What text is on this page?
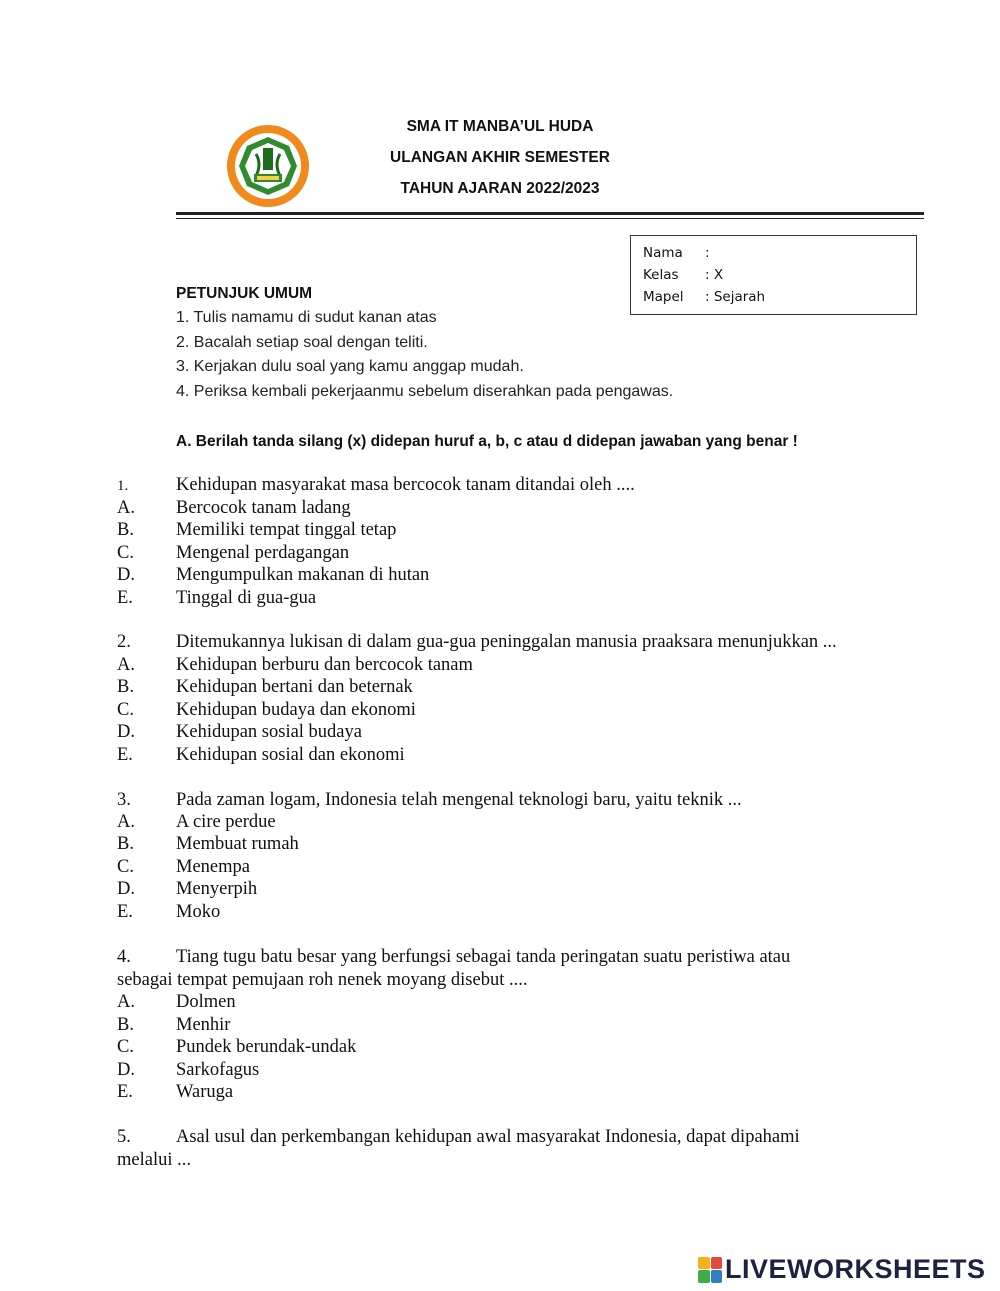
SMA IT MANBA’UL HUDA
ULANGAN AKHIR SEMESTER
TAHUN AJARAN 2022/2023
Nama	:
Kelas	: X
Mapel	: Sejarah
PETUNJUK UMUM
1. Tulis namamu di sudut kanan atas
2. Bacalah setiap soal dengan teliti.
3. Kerjakan dulu soal yang kamu anggap mudah.
4. Periksa kembali pekerjaanmu sebelum diserahkan pada pengawas.
A. Berilah tanda silang (x) didepan huruf a, b, c atau d didepan jawaban yang benar !
1.	Kehidupan masyarakat masa bercocok tanam ditandai oleh ....
A. Bercocok tanam ladang
B. Memiliki tempat tinggal tetap
C. Mengenal perdagangan
D. Mengumpulkan makanan di hutan
E. Tinggal di gua-gua
2. Ditemukannya lukisan di dalam gua-gua peninggalan manusia praaksara menunjukkan ...
A. Kehidupan berburu dan bercocok tanam
B. Kehidupan bertani dan beternak
C. Kehidupan budaya dan ekonomi
D. Kehidupan sosial budaya
E. Kehidupan sosial dan ekonomi
3. Pada zaman logam, Indonesia telah mengenal teknologi baru, yaitu teknik ...
A. A cire perdue
B. Membuat rumah
C. Menempa
D. Menyerpih
E. Moko
4. Tiang tugu batu besar yang berfungsi sebagai tanda peringatan suatu peristiwa atau
sebagai tempat pemujaan roh nenek moyang disebut ....
A. Dolmen
B. Menhir
C. Pundek berundak-undak
D. Sarkofagus
E. Waruga
5. Asal usul dan perkembangan kehidupan awal masyarakat Indonesia, dapat dipahami
melalui ...
LIVEWORKSHEETS
